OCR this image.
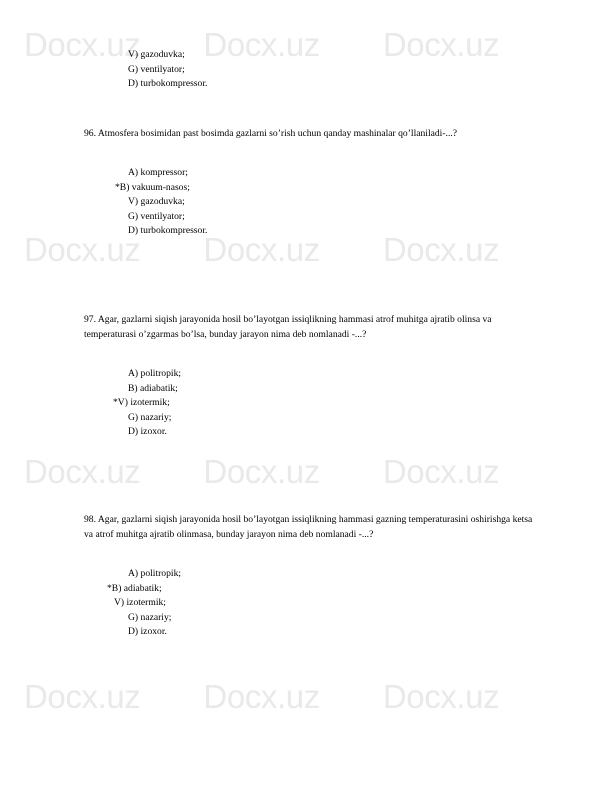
Docx.uz Docx.uz Docx.uz
Docx.uz Docx.uz Docx.uz
Docx.uz Docx.uz Docx.uz
Docx.uz Docx.uz Docx.uz

V) gazoduvka;

G) ventilyator;

D) turbokompressor.

96. Atmosfera bosimidan past bosimda gazlarni so’rish uchun qanday mashinalar qo’llaniladi-...?

A) kompressor;

*B) vakuum-nasos;

V) gazoduvka;

G) ventilyator;

D) turbokompressor.

97. Agar, gazlarni siqish jarayonida hosil bo’layotgan issiqlikning hammasi atrof muhitga ajratib olinsa va temperaturasi o’zgarmas bo’lsa, bunday jarayon nima deb nomlanadi -...?

A) politropik;

B) adiabatik;

*V) izotermik;

G) nazariy;

D) izoxor.

98. Agar, gazlarni siqish jarayonida hosil bo’layotgan issiqlikning hammasi gazning temperaturasini oshirishga ketsa va atrof muhitga ajratib olinmasa, bunday jarayon nima deb nomlanadi -...?

A) politropik;

*B) adiabatik;

V) izotermik;

G) nazariy;

D) izoxor.
